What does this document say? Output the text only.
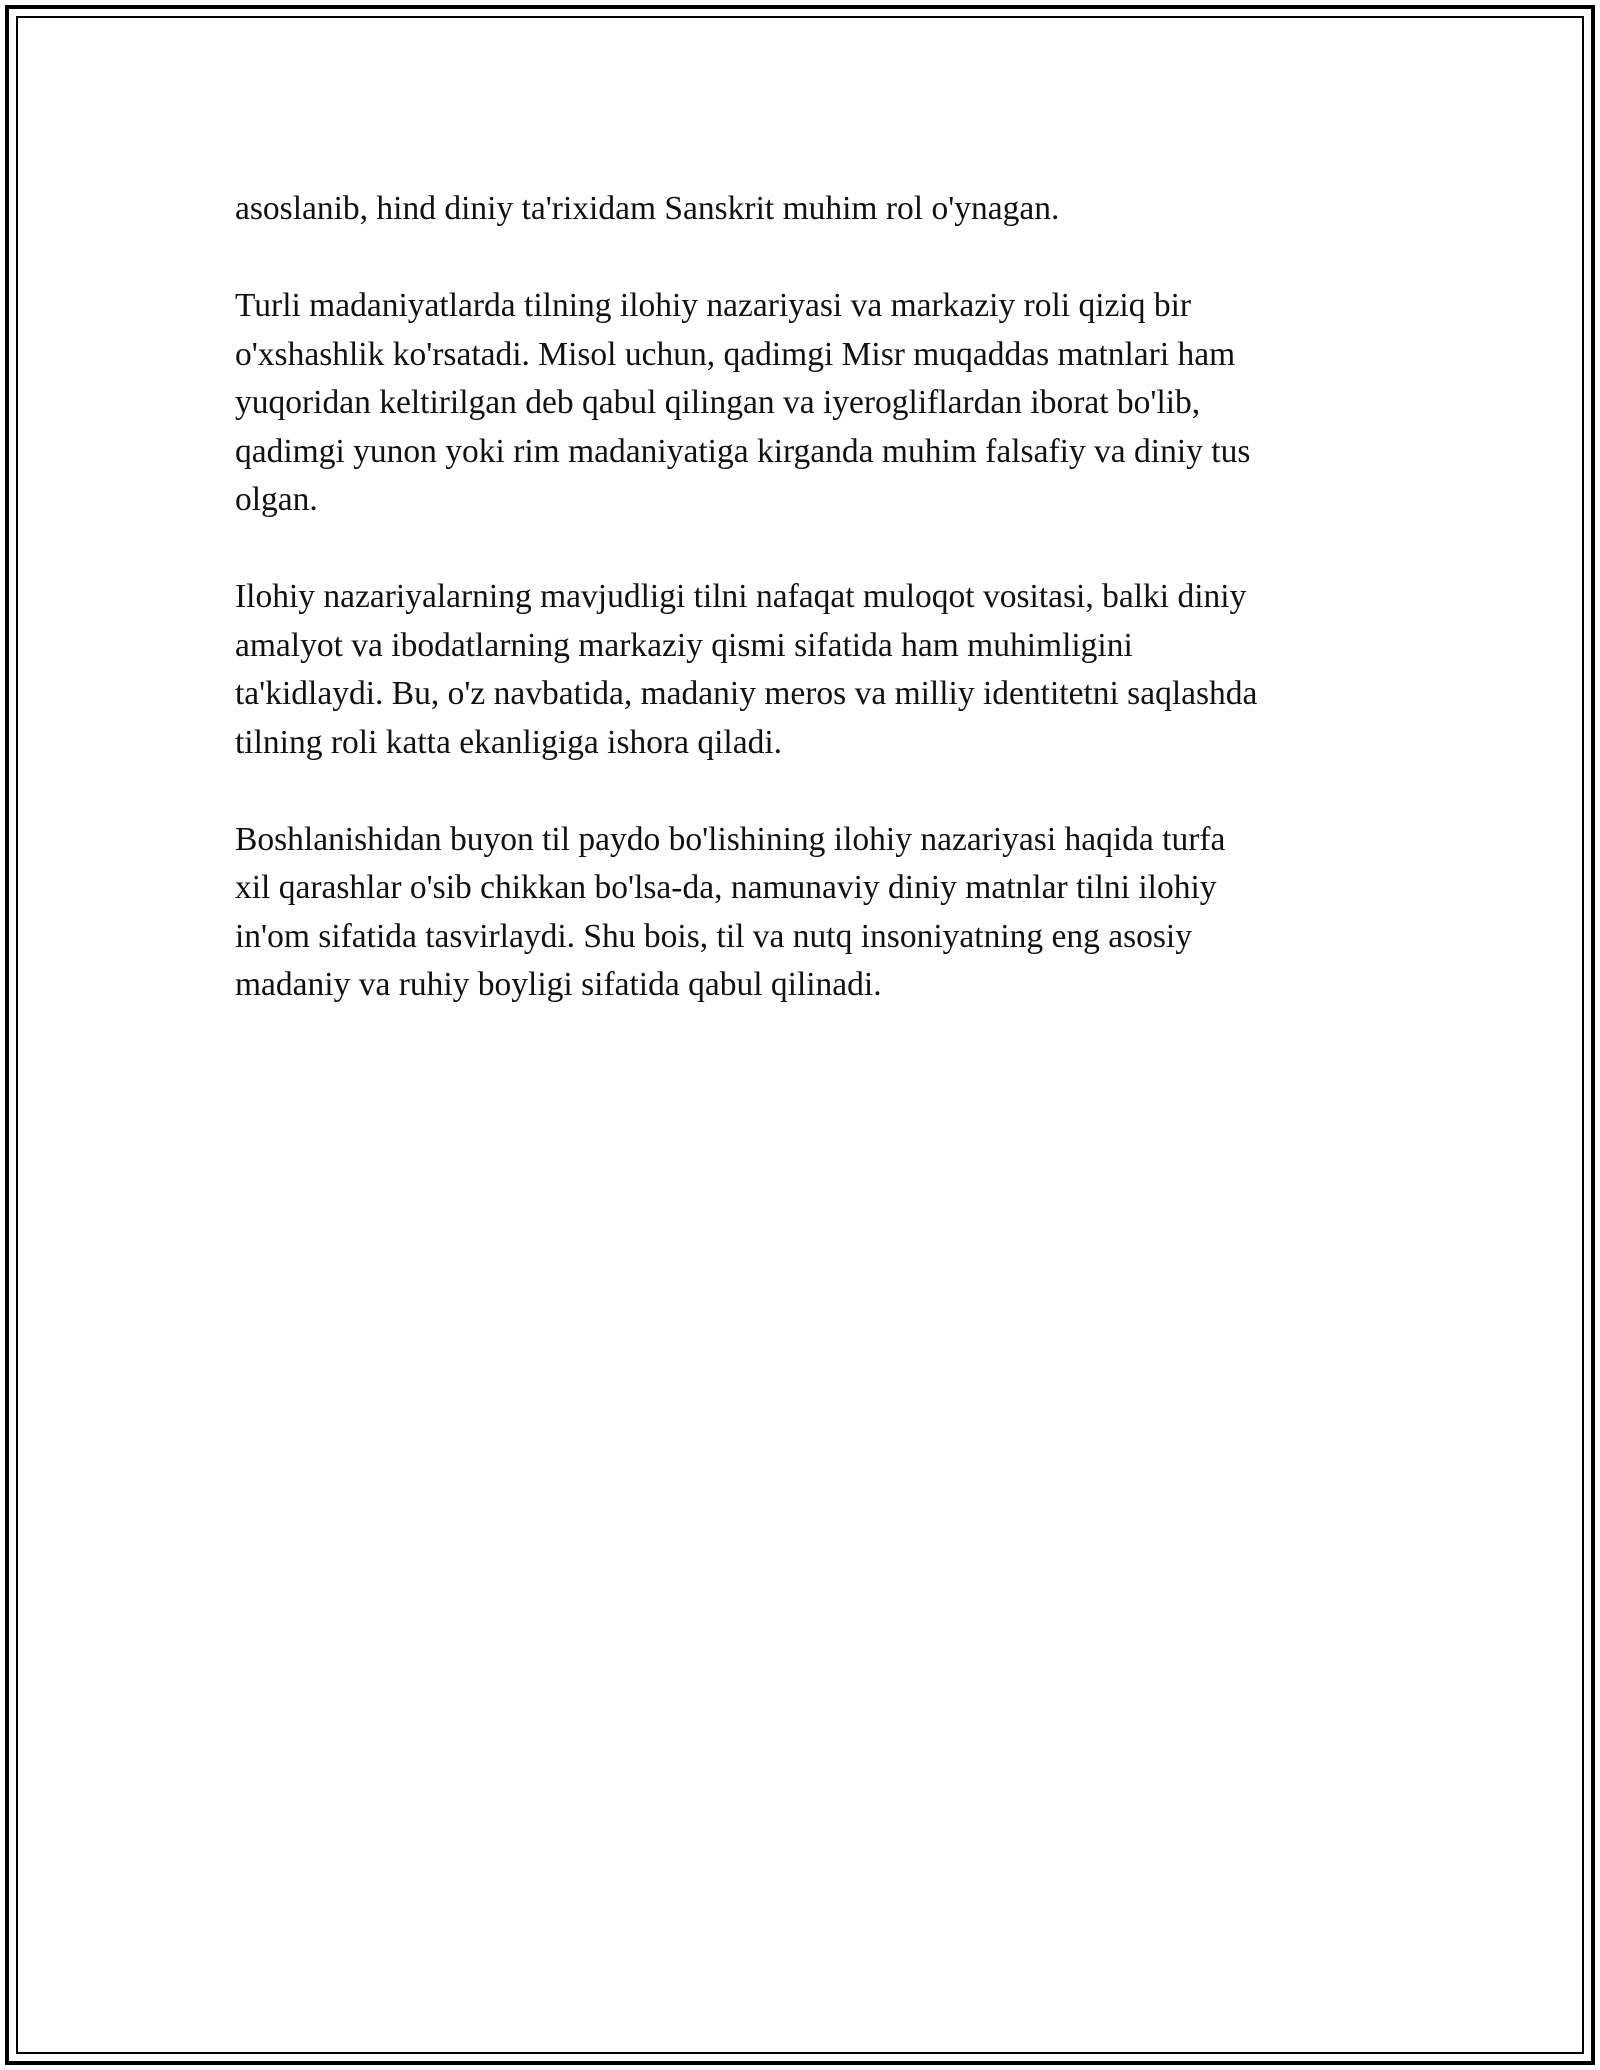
asoslanib, hind diniy ta'rixidam Sanskrit muhim rol o'ynagan.

Turli madaniyatlarda tilning ilohiy nazariyasi va markaziy roli qiziq bir
o'xshashlik ko'rsatadi. Misol uchun, qadimgi Misr muqaddas matnlari ham
yuqoridan keltirilgan deb qabul qilingan va iyerogliflardan iborat bo'lib,
qadimgi yunon yoki rim madaniyatiga kirganda muhim falsafiy va diniy tus
olgan.

Ilohiy nazariyalarning mavjudligi tilni nafaqat muloqot vositasi, balki diniy
amalyot va ibodatlarning markaziy qismi sifatida ham muhimligini
ta'kidlaydi. Bu, o'z navbatida, madaniy meros va milliy identitetni saqlashda
tilning roli katta ekanligiga ishora qiladi.

Boshlanishidan buyon til paydo bo'lishining ilohiy nazariyasi haqida turfa
xil qarashlar o'sib chikkan bo'lsa-da, namunaviy diniy matnlar tilni ilohiy
in'om sifatida tasvirlaydi. Shu bois, til va nutq insoniyatning eng asosiy
madaniy va ruhiy boyligi sifatida qabul qilinadi.
